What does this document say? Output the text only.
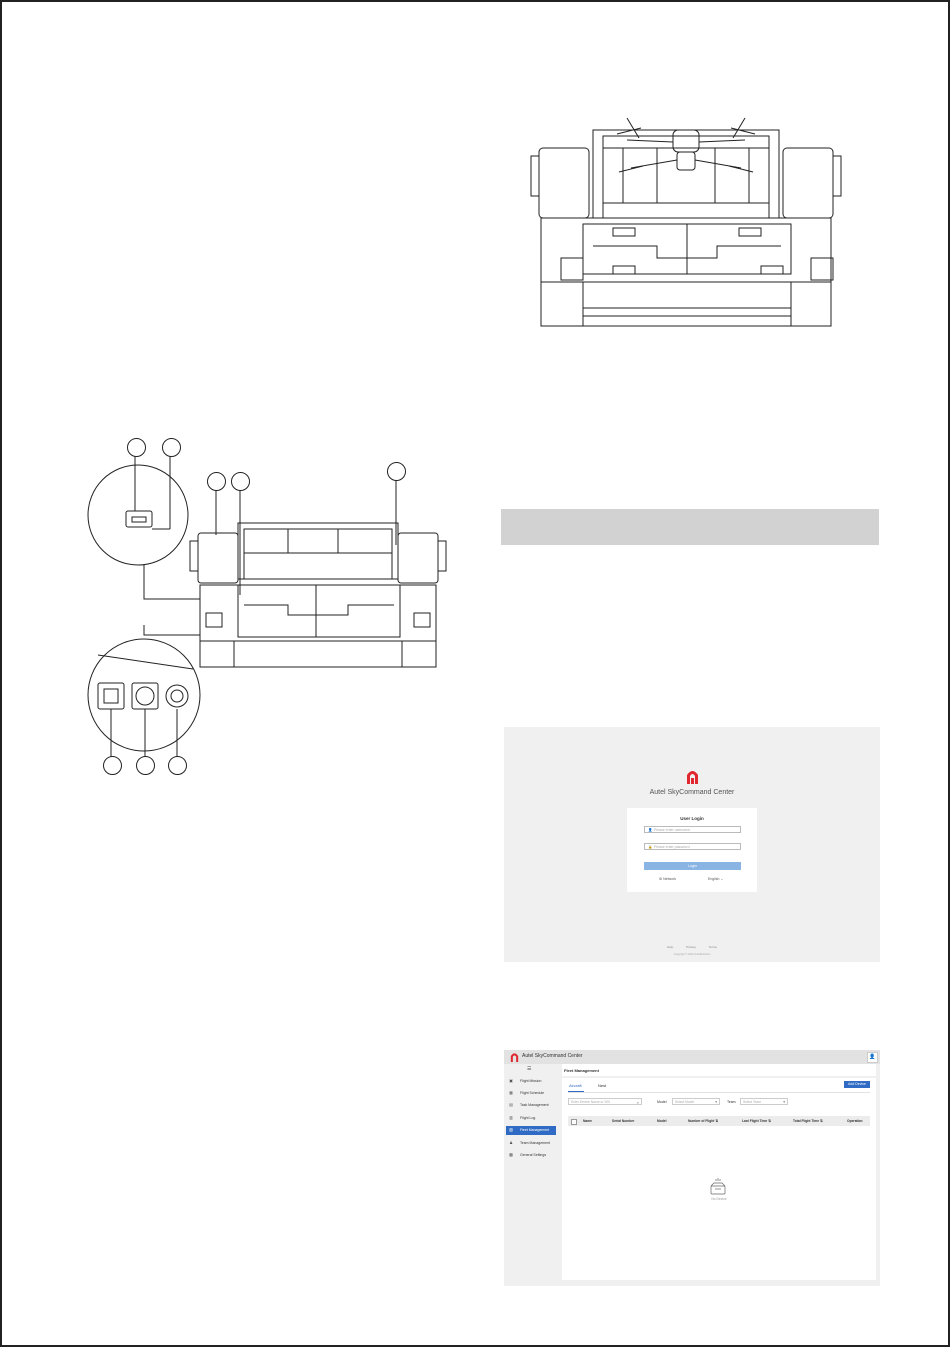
Autel SkyCommand Center
User Login
👤 Please enter username
🔒 Please enter password
Login
⚙ Network	English ⌄
Help	Privacy	Terms
Copyright © 2022 AutelRobotics
Autel SkyCommand Center	👤
☰
▣	Flight Mission
▦	Flight Schedule
▤	Task Management
▥	Flight Log
▧	Fleet Management
♟	Team Management
▩	General Settings
Fleet Management
Aircraft	Nest	Add Device
Enter Device Name or S/N	⌕	Model	Select Model	▾	Team	Select Team	▾
Name	Serial Number	Model	Number of Flight ⇅	Last Flight Time ⇅	Total Flight Time ⇅	Operation
No Device
